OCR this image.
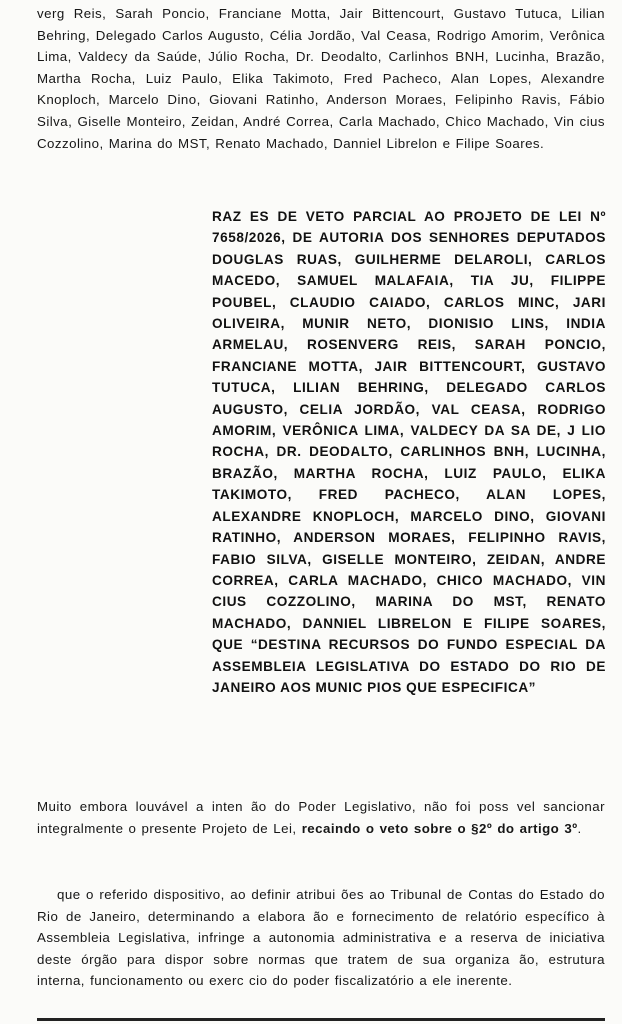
verg Reis, Sarah Poncio, Franciane Motta, Jair Bittencourt, Gustavo Tutuca, Lilian Behring, Delegado Carlos Augusto, Célia Jordão, Val Ceasa, Rodrigo Amorim, Verônica Lima, Valdecy da Saúde, Júlio Rocha, Dr. Deodalto, Carlinhos BNH, Lucinha, Brazão, Martha Rocha, Luiz Paulo, Elika Takimoto, Fred Pacheco, Alan Lopes, Alexandre Knoploch, Marcelo Dino, Giovani Ratinho, Anderson Moraes, Felipinho Ravis, Fábio Silva, Giselle Monteiro, Zeidan, André Correa, Carla Machado, Chico Machado, Vin cius Cozzolino, Marina do MST, Renato Machado, Danniel Librelon e Filipe Soares.

RAZ ES DE VETO PARCIAL AO PROJETO DE LEI Nº 7658/2026, DE AUTORIA DOS SENHORES DEPUTADOS DOUGLAS RUAS, GUILHERME DELAROLI, CARLOS MACEDO, SAMUEL MALAFAIA, TIA JU, FILIPPE POUBEL, CLAUDIO CAIADO, CARLOS MINC, JARI OLIVEIRA, MUNIR NETO, DIONISIO LINS, INDIA ARMELAU, ROSENVERG REIS, SARAH PONCIO, FRANCIANE MOTTA, JAIR BITTENCOURT, GUSTAVO TUTUCA, LILIAN BEHRING, DELEGADO CARLOS AUGUSTO, CELIA JORDÃO, VAL CEASA, RODRIGO AMORIM, VERÔNICA LIMA, VALDECY DA SA DE, J LIO ROCHA, DR. DEODALTO, CARLINHOS BNH, LUCINHA, BRAZÃO, MARTHA ROCHA, LUIZ PAULO, ELIKA TAKIMOTO, FRED PACHECO, ALAN LOPES, ALEXANDRE KNOPLOCH, MARCELO DINO, GIOVANI RATINHO, ANDERSON MORAES, FELIPINHO RAVIS, FABIO SILVA, GISELLE MONTEIRO, ZEIDAN, ANDRE CORREA, CARLA MACHADO, CHICO MACHADO, VIN CIUS COZZOLINO, MARINA DO MST, RENATO MACHADO, DANNIEL LIBRELON E FILIPE SOARES, QUE “DESTINA RECURSOS DO FUNDO ESPECIAL DA ASSEMBLEIA LEGISLATIVA DO ESTADO DO RIO DE JANEIRO AOS MUNIC PIOS QUE ESPECIFICA”

Muito embora louvável a inten ão do Poder Legislativo, não foi poss vel sancionar integralmente o presente Projeto de Lei, recaindo o veto sobre o §2º do artigo 3º.

que o referido dispositivo, ao definir atribui ões ao Tribunal de Contas do Estado do Rio de Janeiro, determinando a elabora ão e fornecimento de relatório específico à Assembleia Legislativa, infringe a autonomia administrativa e a reserva de iniciativa deste órgão para dispor sobre normas que tratem de sua organiza ão, estrutura interna, funcionamento ou exerc cio do poder fiscalizatório a ele inerente.
